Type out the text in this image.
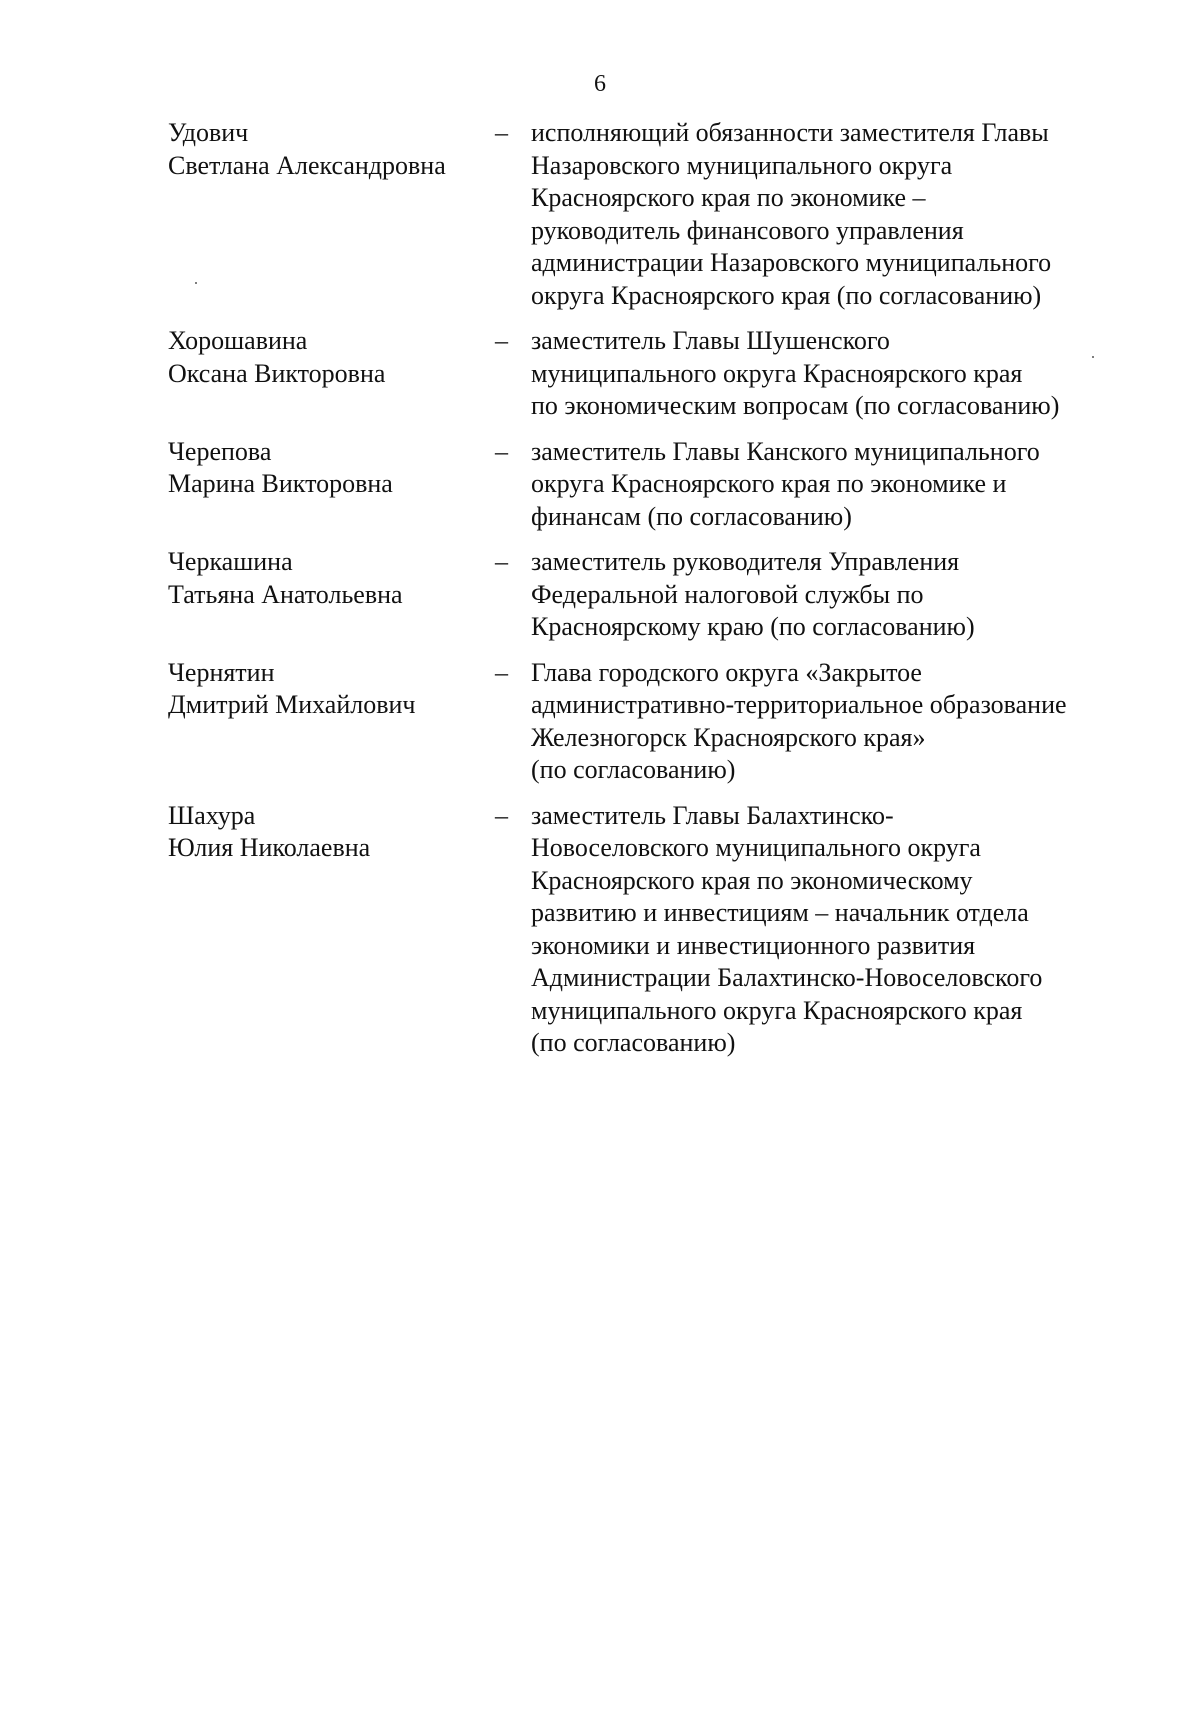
6
Удович
Светлана Александровна
– исполняющий обязанности заместителя Главы
Назаровского муниципального округа
Красноярского края по экономике –
руководитель финансового управления
администрации Назаровского муниципального
округа Красноярского края (по согласованию)
Хорошавина
Оксана Викторовна
– заместитель Главы Шушенского
муниципального округа Красноярского края
по экономическим вопросам (по согласованию)
Черепова
Марина Викторовна
– заместитель Главы Канского муниципального
округа Красноярского края по экономике и
финансам (по согласованию)
Черкашина
Татьяна Анатольевна
– заместитель руководителя Управления
Федеральной налоговой службы по
Красноярскому краю (по согласованию)
Чернятин
Дмитрий Михайлович
– Глава городского округа «Закрытое
административно-территориальное образование
Железногорск Красноярского края»
(по согласованию)
Шахура
Юлия Николаевна
– заместитель Главы Балахтинско-
Новоселовского муниципального округа
Красноярского края по экономическому
развитию и инвестициям – начальник отдела
экономики и инвестиционного развития
Администрации Балахтинско-Новоселовского
муниципального округа Красноярского края
(по согласованию)
